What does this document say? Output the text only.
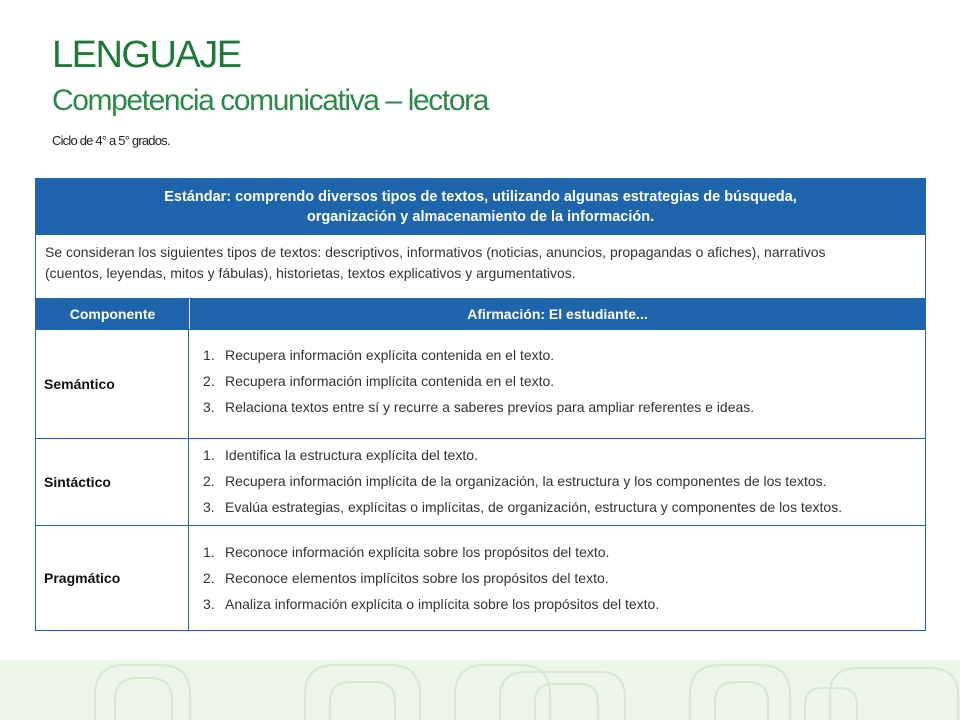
LENGUAJE
Competencia comunicativa – lectora
Ciclo de 4° a 5° grados.
Estándar: comprendo diversos tipos de textos, utilizando algunas estrategias de búsqueda,
organización y almacenamiento de la información.
Se consideran los siguientes tipos de textos: descriptivos, informativos (noticias, anuncios, propagandas o afiches), narrativos
(cuentos, leyendas, mitos y fábulas), historietas, textos explicativos y argumentativos.
Componente	Afirmación: El estudiante...
Semántico
1. Recupera información explícita contenida en el texto.
2. Recupera información implícita contenida en el texto.
3. Relaciona textos entre sí y recurre a saberes previos para ampliar referentes e ideas.
Sintáctico
1. Identifica la estructura explícita del texto.
2. Recupera información implícita de la organización, la estructura y los componentes de los textos.
3. Evalúa estrategias, explícitas o implícitas, de organización, estructura y componentes de los textos.
Pragmático
1. Reconoce información explícita sobre los propósitos del texto.
2. Reconoce elementos implícitos sobre los propósitos del texto.
3. Analiza información explícita o implícita sobre los propósitos del texto.
